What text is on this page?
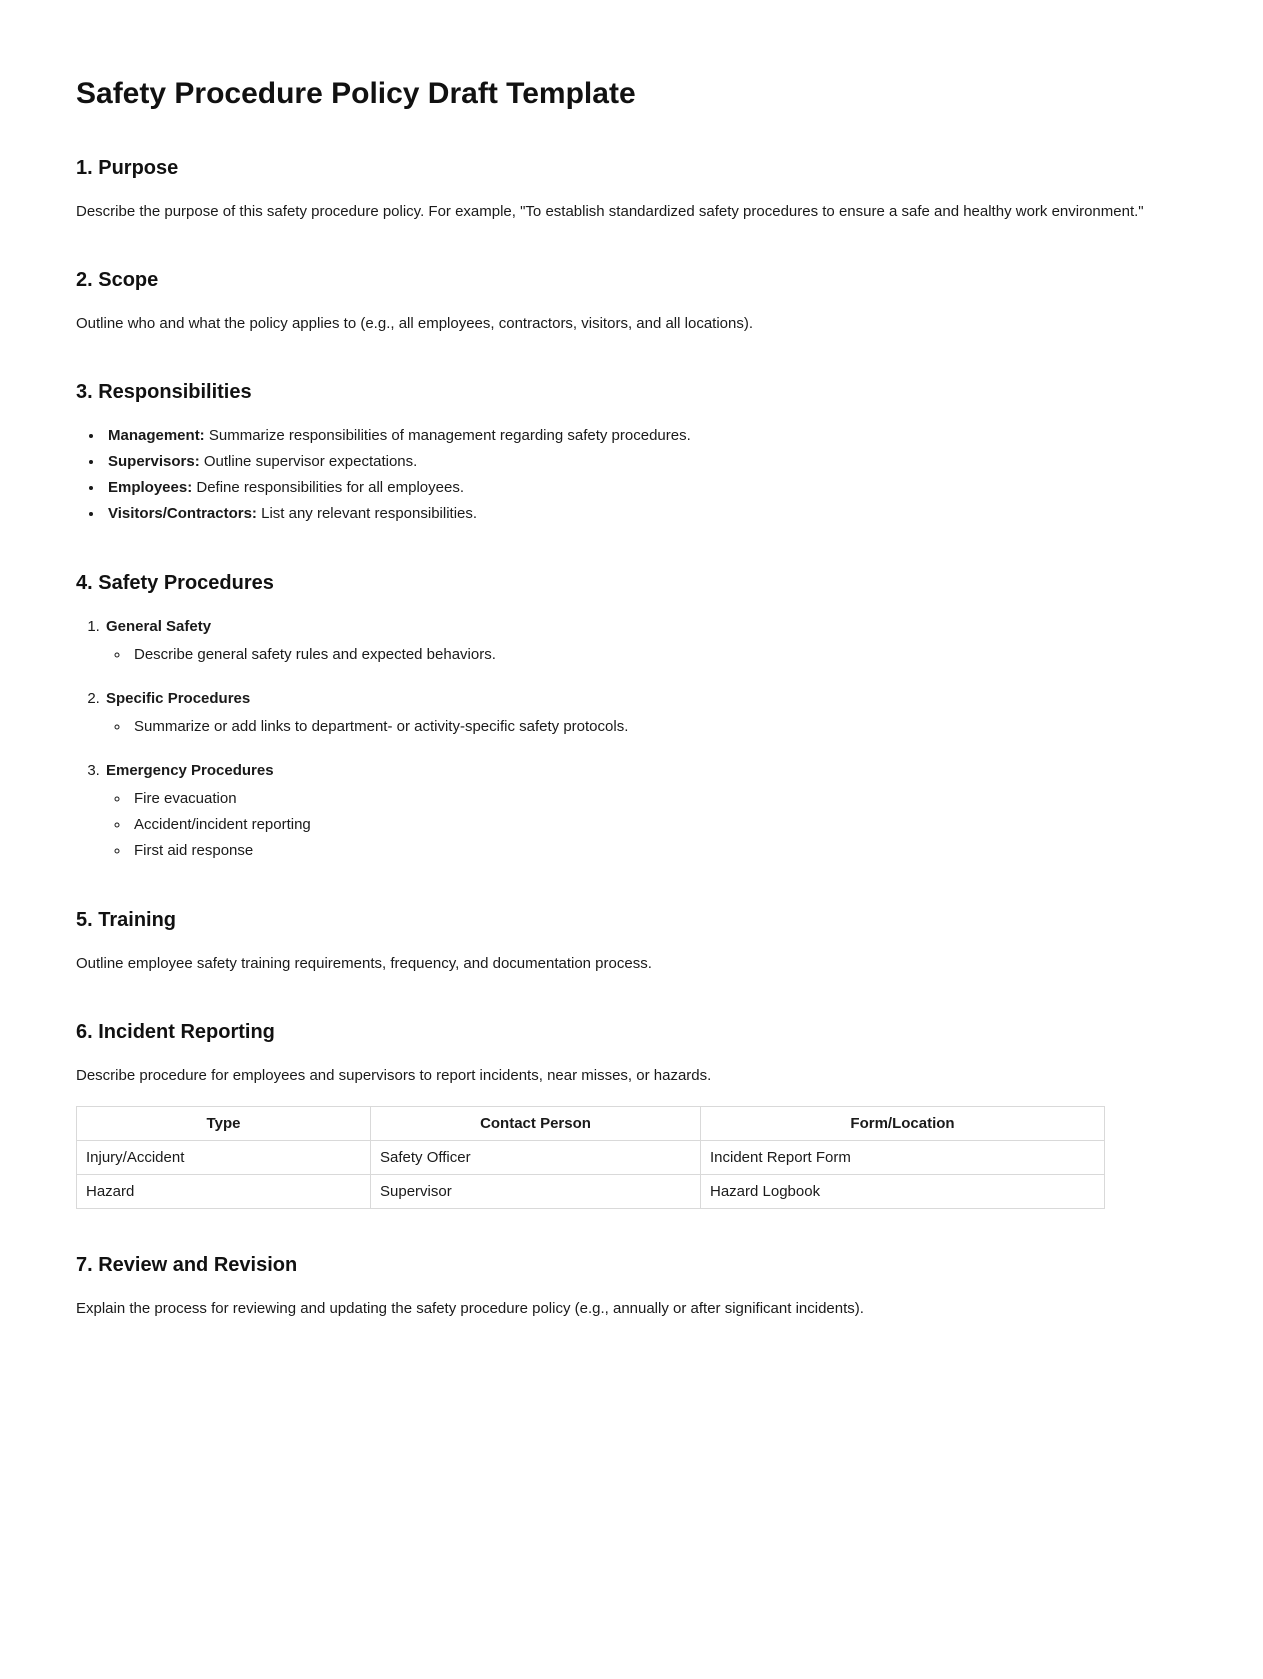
Safety Procedure Policy Draft Template
1. Purpose

Describe the purpose of this safety procedure policy. For example, "To establish standardized safety procedures to ensure a safe and healthy work environment."

2. Scope

Outline who and what the policy applies to (e.g., all employees, contractors, visitors, and all locations).

3. Responsibilities
• Management: Summarize responsibilities of management regarding safety procedures.
• Supervisors: Outline supervisor expectations.
• Employees: Define responsibilities for all employees.
• Visitors/Contractors: List any relevant responsibilities.
4. Safety Procedures
1. General Safety
◦ Describe general safety rules and expected behaviors.
2. Specific Procedures
◦ Summarize or add links to department- or activity-specific safety protocols.
3. Emergency Procedures
◦ Fire evacuation
◦ Accident/incident reporting
◦ First aid response
5. Training

Outline employee safety training requirements, frequency, and documentation process.

6. Incident Reporting

Describe procedure for employees and supervisors to report incidents, near misses, or hazards.

Type	Contact Person	Form/Location
Injury/Accident	Safety Officer	Incident Report Form
Hazard	Supervisor	Hazard Logbook
7. Review and Revision

Explain the process for reviewing and updating the safety procedure policy (e.g., annually or after significant incidents).
